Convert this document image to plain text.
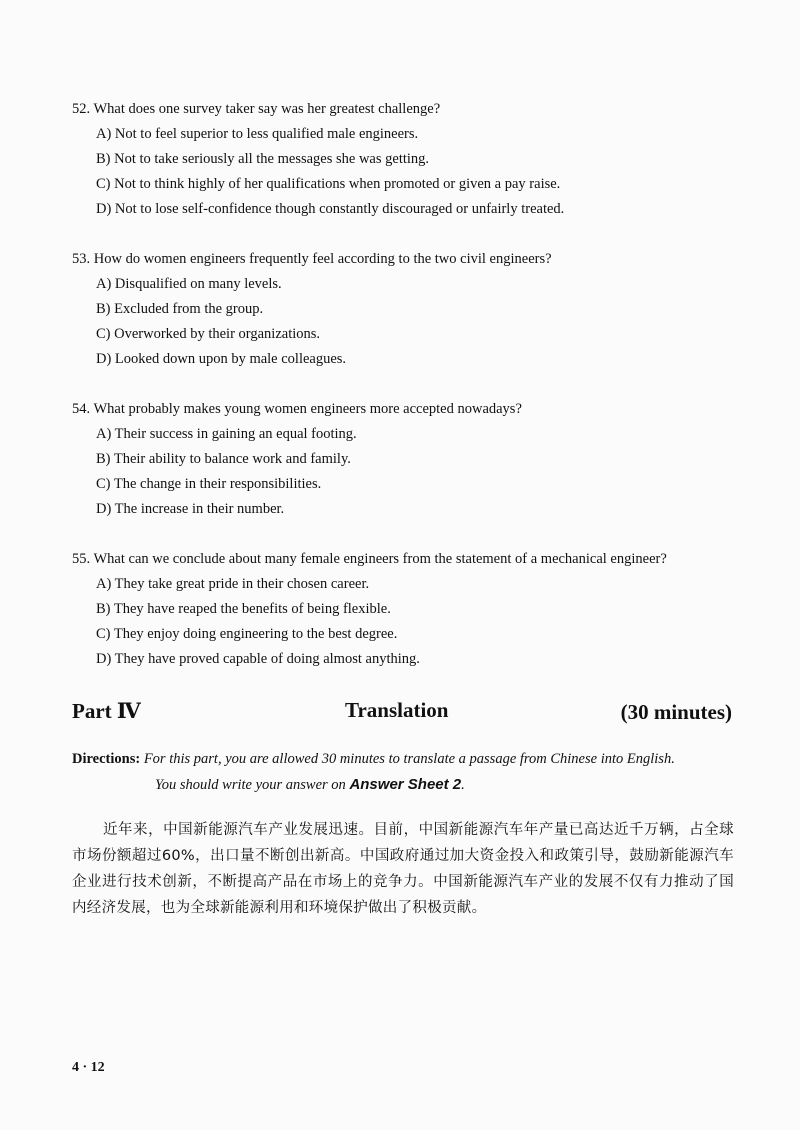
52. What does one survey taker say was her greatest challenge?
A) Not to feel superior to less qualified male engineers.
B) Not to take seriously all the messages she was getting.
C) Not to think highly of her qualifications when promoted or given a pay raise.
D) Not to lose self-confidence though constantly discouraged or unfairly treated.
53. How do women engineers frequently feel according to the two civil engineers?
A) Disqualified on many levels.
B) Excluded from the group.
C) Overworked by their organizations.
D) Looked down upon by male colleagues.
54. What probably makes young women engineers more accepted nowadays?
A) Their success in gaining an equal footing.
B) Their ability to balance work and family.
C) The change in their responsibilities.
D) The increase in their number.
55. What can we conclude about many female engineers from the statement of a mechanical engineer?
A) They take great pride in their chosen career.
B) They have reaped the benefits of being flexible.
C) They enjoy doing engineering to the best degree.
D) They have proved capable of doing almost anything.
Part Ⅳ	Translation	(30 minutes)
Directions: For this part, you are allowed 30 minutes to translate a passage from Chinese into English.
You should write your answer on Answer Sheet 2.
近年来，中国新能源汽车产业发展迅速。目前，中国新能源汽车年产量已高达近千万辆，占全球市场份额超过60%，出口量不断创出新高。中国政府通过加大资金投入和政策引导，鼓励新能源汽车企业进行技术创新，不断提高产品在市场上的竞争力。中国新能源汽车产业的发展不仅有力推动了国内经济发展，也为全球新能源利用和环境保护做出了积极贡献。
4 · 12
